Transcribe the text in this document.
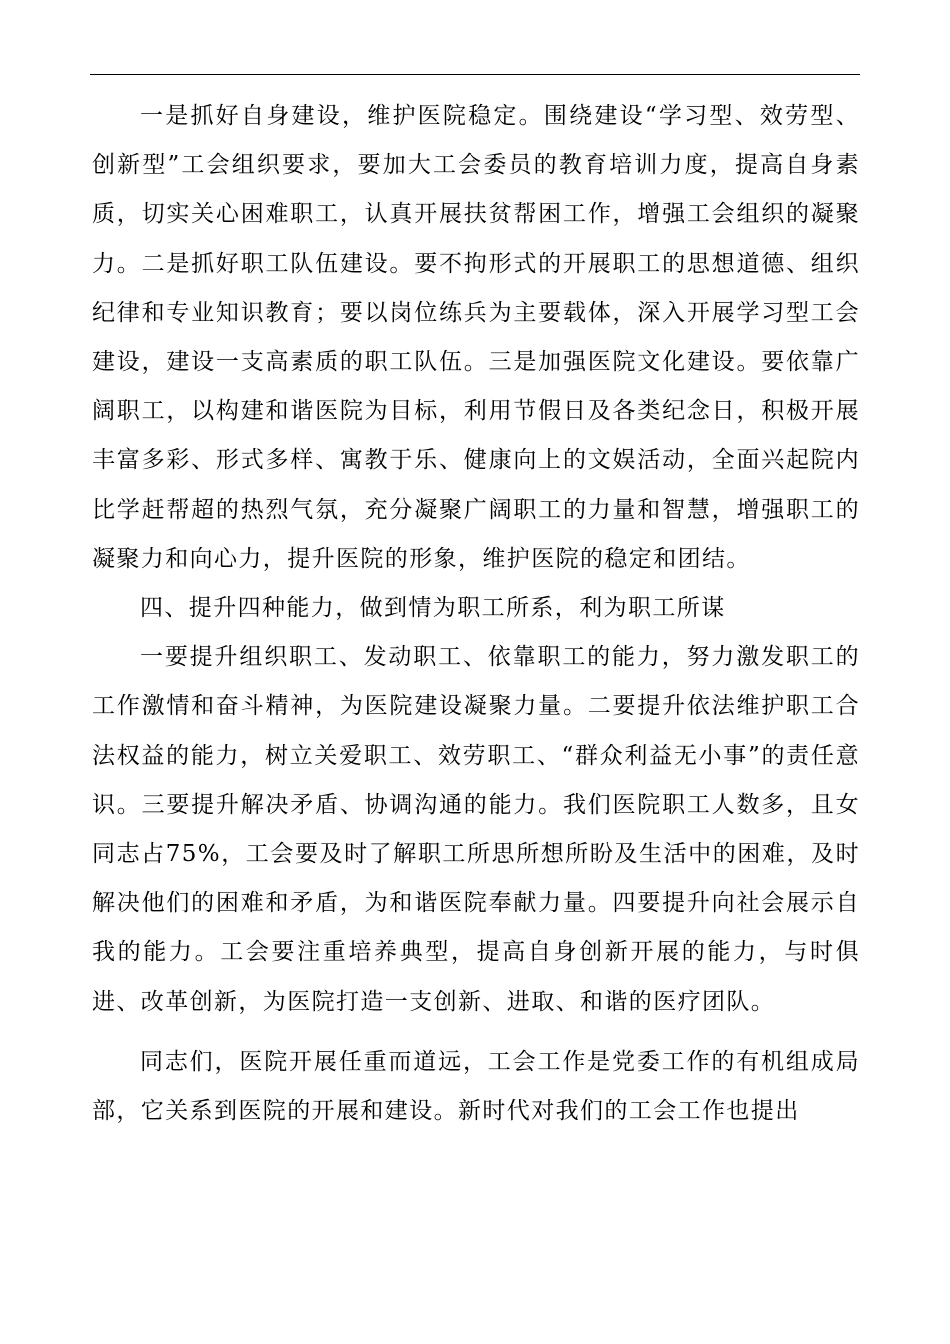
一是抓好自身建设，维护医院稳定。围绕建设“学习型、效劳型、创新型”工会组织要求，要加大工会委员的教育培训力度，提高自身素质，切实关心困难职工，认真开展扶贫帮困工作，增强工会组织的凝聚力。二是抓好职工队伍建设。要不拘形式的开展职工的思想道德、组织纪律和专业知识教育；要以岗位练兵为主要载体，深入开展学习型工会建设，建设一支高素质的职工队伍。三是加强医院文化建设。要依靠广阔职工，以构建和谐医院为目标，利用节假日及各类纪念日，积极开展丰富多彩、形式多样、寓教于乐、健康向上的文娱活动，全面兴起院内比学赶帮超的热烈气氛，充分凝聚广阔职工的力量和智慧，增强职工的凝聚力和向心力，提升医院的形象，维护医院的稳定和团结。

四、提升四种能力，做到情为职工所系，利为职工所谋

一要提升组织职工、发动职工、依靠职工的能力，努力激发职工的工作激情和奋斗精神，为医院建设凝聚力量。二要提升依法维护职工合法权益的能力，树立关爱职工、效劳职工、“群众利益无小事”的责任意识。三要提升解决矛盾、协调沟通的能力。我们医院职工人数多，且女同志占75%，工会要及时了解职工所思所想所盼及生活中的困难，及时解决他们的困难和矛盾，为和谐医院奉献力量。四要提升向社会展示自我的能力。工会要注重培养典型，提高自身创新开展的能力，与时俱进、改革创新，为医院打造一支创新、进取、和谐的医疗团队。

同志们，医院开展任重而道远，工会工作是党委工作的有机组成局部，它关系到医院的开展和建设。新时代对我们的工会工作也提出
